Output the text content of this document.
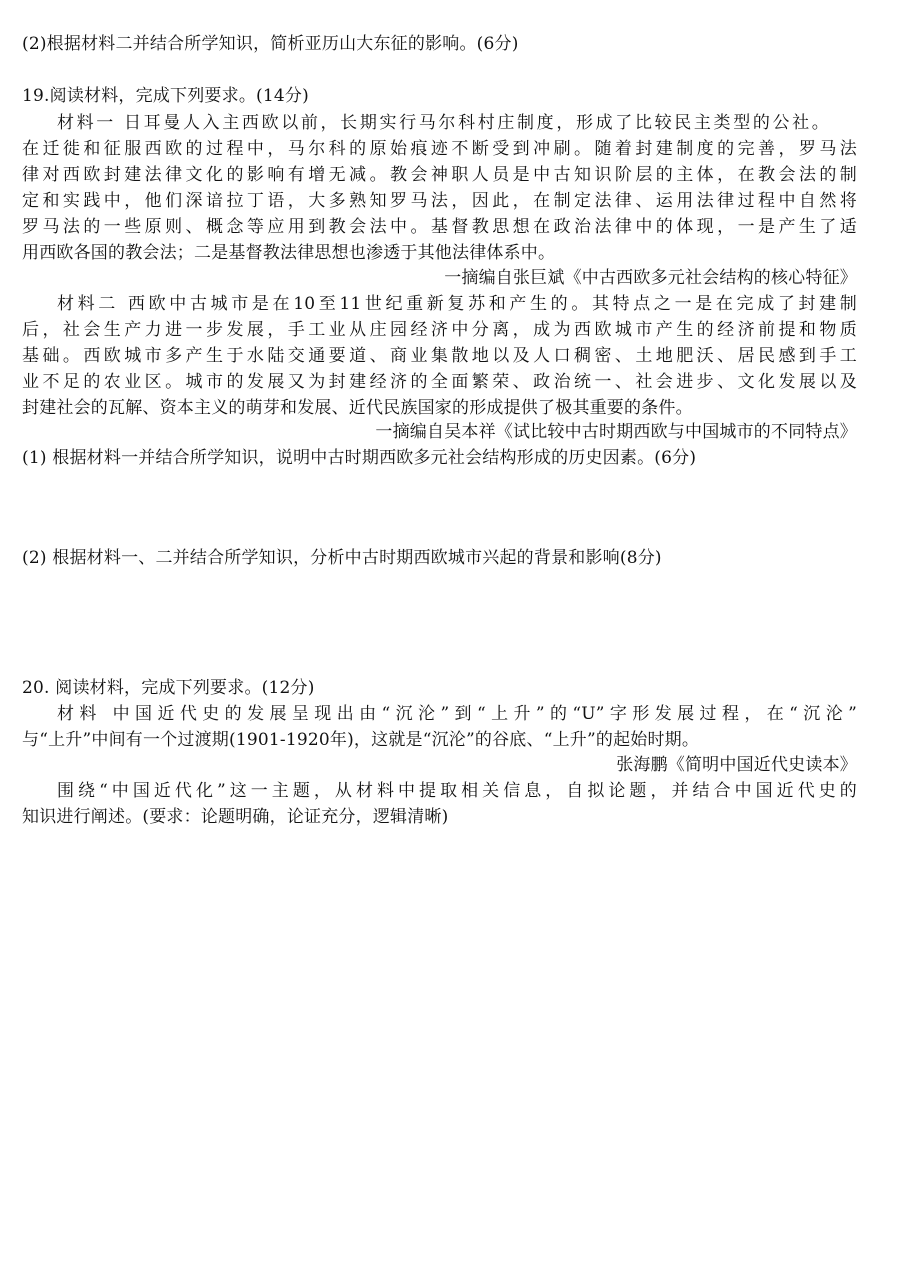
(2)根据材料二并结合所学知识，简析亚历山大东征的影响。(6分)
19.阅读材料，完成下列要求。(14分)
材料一 日耳曼人入主西欧以前，长期实行马尔科村庄制度，形成了比较民主类型的公社。
在迁徙和征服西欧的过程中，马尔科的原始痕迹不断受到冲刷。随着封建制度的完善，罗马法
律对西欧封建法律文化的影响有增无减。教会神职人员是中古知识阶层的主体，在教会法的制
定和实践中，他们深谙拉丁语，大多熟知罗马法，因此，在制定法律、运用法律过程中自然将
罗马法的一些原则、概念等应用到教会法中。基督教思想在政治法律中的体现，一是产生了适
用西欧各国的教会法；二是基督教法律思想也渗透于其他法律体系中。
一摘编自张巨斌《中古西欧多元社会结构的核心特征》
材料二 西欧中古城市是在10至11世纪重新复苏和产生的。其特点之一是在完成了封建制
后，社会生产力进一步发展，手工业从庄园经济中分离，成为西欧城市产生的经济前提和物质
基础。西欧城市多产生于水陆交通要道、商业集散地以及人口稠密、土地肥沃、居民感到手工
业不足的农业区。城市的发展又为封建经济的全面繁荣、政治统一、社会进步、文化发展以及
封建社会的瓦解、资本主义的萌芽和发展、近代民族国家的形成提供了极其重要的条件。
一摘编自吴本祥《试比较中古时期西欧与中国城市的不同特点》
(1) 根据材料一并结合所学知识，说明中古时期西欧多元社会结构形成的历史因素。(6分)
(2) 根据材料一、二并结合所学知识，分析中古时期西欧城市兴起的背景和影响(8分)
20. 阅读材料，完成下列要求。(12分)
材料 中国近代史的发展呈现出由“沉沦”到“上升”的“U”字形发展过程，在“沉沦”
与“上升”中间有一个过渡期(1901-1920年)，这就是“沉沦”的谷底、“上升”的起始时期。
张海鹏《简明中国近代史读本》
围绕“中国近代化”这一主题，从材料中提取相关信息，自拟论题，并结合中国近代史的
知识进行阐述。(要求：论题明确，论证充分，逻辑清晰)
